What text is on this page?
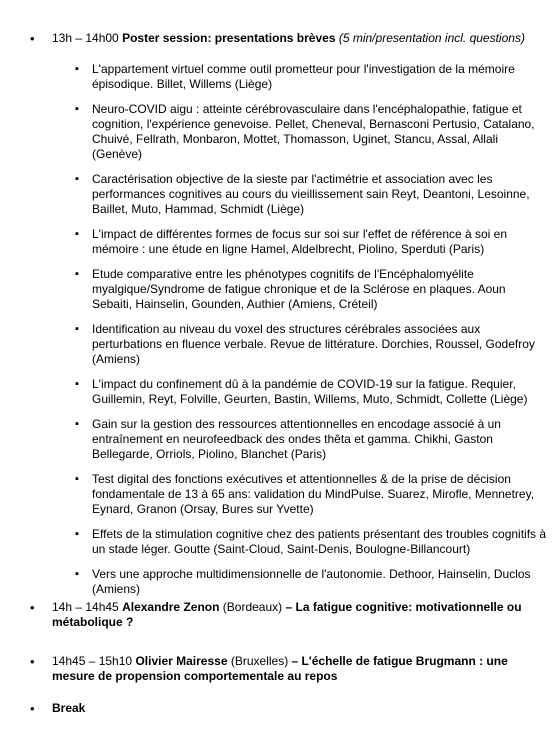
• 13h – 14h00 Poster session: presentations brèves (5 min/presentation incl. questions)
▪ L'appartement virtuel comme outil prometteur pour l'investigation de la mémoire épisodique. Billet, Willems (Liège)
▪ Neuro-COVID aigu : atteinte cérébrovasculaire dans l'encéphalopathie, fatigue et cognition, l'expérience genevoise. Pellet, Cheneval, Bernasconi Pertusio, Catalano, Chuivé, Fellrath, Monbaron, Mottet, Thomasson, Uginet, Stancu, Assal, Allali (Genève)
▪ Caractérisation objective de la sieste par l'actimétrie et association avec les performances cognitives au cours du vieillissement sain Reyt, Deantoni, Lesoinne, Baillet, Muto, Hammad, Schmidt (Liège)
▪ L'impact de différentes formes de focus sur soi sur l'effet de référence à soi en mémoire : une étude en ligne Hamel, Aldelbrecht, Piolino, Sperduti (Paris)
▪ Etude comparative entre les phénotypes cognitifs de l'Encéphalomyélite myalgique/Syndrome de fatigue chronique et de la Sclérose en plaques. Aoun Sebaiti, Hainselin, Gounden, Authier (Amiens, Créteil)
▪ Identification au niveau du voxel des structures cérébrales associées aux perturbations en fluence verbale. Revue de littérature. Dorchies, Roussel, Godefroy (Amiens)
▪ L'impact du confinement dû à la pandémie de COVID-19 sur la fatigue. Requier, Guillemin, Reyt, Folville, Geurten, Bastin, Willems, Muto, Schmidt, Collette (Liège)
▪ Gain sur la gestion des ressources attentionnelles en encodage associé à un entraînement en neurofeedback des ondes thêta et gamma. Chikhi, Gaston Bellegarde, Orriols, Piolino, Blanchet (Paris)
▪ Test digital des fonctions exécutives et attentionnelles & de la prise de décision fondamentale de 13 à 65 ans: validation du MindPulse. Suarez, Mirofle, Mennetrey, Eynard, Granon (Orsay, Bures sur Yvette)
▪ Effets de la stimulation cognitive chez des patients présentant des troubles cognitifs à un stade léger. Goutte (Saint-Cloud, Saint-Denis, Boulogne-Billancourt)
▪ Vers une approche multidimensionnelle de l'autonomie. Dethoor, Hainselin, Duclos (Amiens)
• 14h – 14h45 Alexandre Zenon (Bordeaux) – La fatigue cognitive: motivationnelle ou métabolique ?
• 14h45 – 15h10 Olivier Mairesse (Bruxelles) – L'échelle de fatigue Brugmann : une mesure de propension comportementale au repos
• Break
